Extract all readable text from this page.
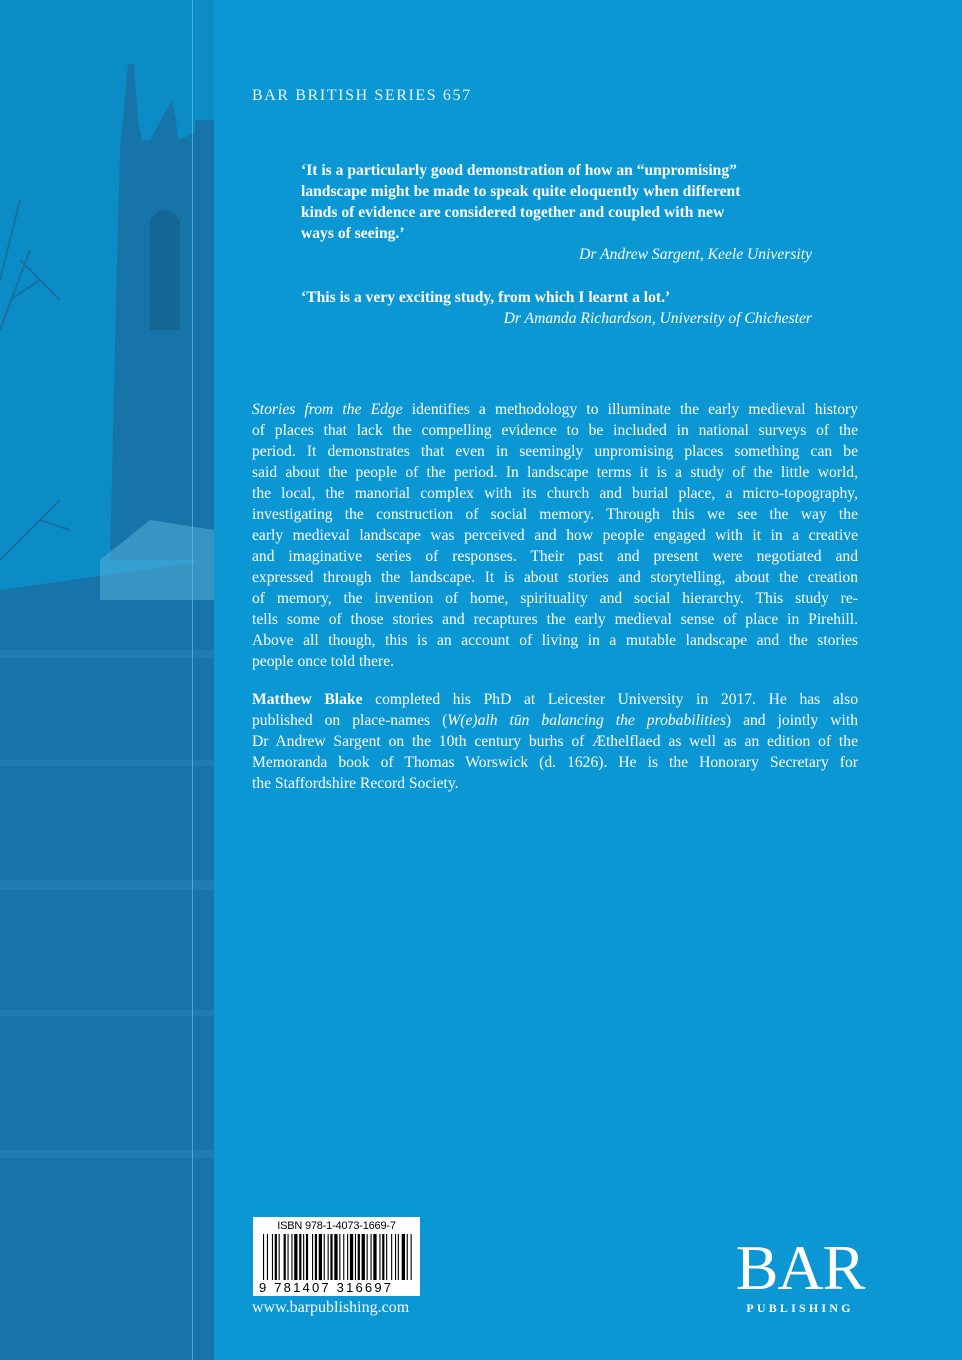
BAR BRITISH SERIES 657
‘It is a particularly good demonstration of how an “unpromising”
landscape might be made to speak quite eloquently when different
kinds of evidence are considered together and coupled with new
ways of seeing.’
Dr Andrew Sargent, Keele University
‘This is a very exciting study, from which I learnt a lot.’
Dr Amanda Richardson, University of Chichester
Stories from the Edge identifies a methodology to illuminate the early medieval history
of places that lack the compelling evidence to be included in national surveys of the
period. It demonstrates that even in seemingly unpromising places something can be
said about the people of the period. In landscape terms it is a study of the little world,
the local, the manorial complex with its church and burial place, a micro-topography,
investigating the construction of social memory. Through this we see the way the
early medieval landscape was perceived and how people engaged with it in a creative
and imaginative series of responses. Their past and present were negotiated and
expressed through the landscape. It is about stories and storytelling, about the creation
of memory, the invention of home, spirituality and social hierarchy. This study re-
tells some of those stories and recaptures the early medieval sense of place in Pirehill.
Above all though, this is an account of living in a mutable landscape and the stories
people once told there.
Matthew Blake completed his PhD at Leicester University in 2017. He has also
published on place-names (W(e)alh tūn balancing the probabilities) and jointly with
Dr Andrew Sargent on the 10th century burhs of Æthelflaed as well as an edition of the
Memoranda book of Thomas Worswick (d. 1626). He is the Honorary Secretary for
the Staffordshire Record Society.
ISBN 978-1-4073-1669-7
9 781407 316697
www.barpublishing.com
BAR
PUBLISHING
